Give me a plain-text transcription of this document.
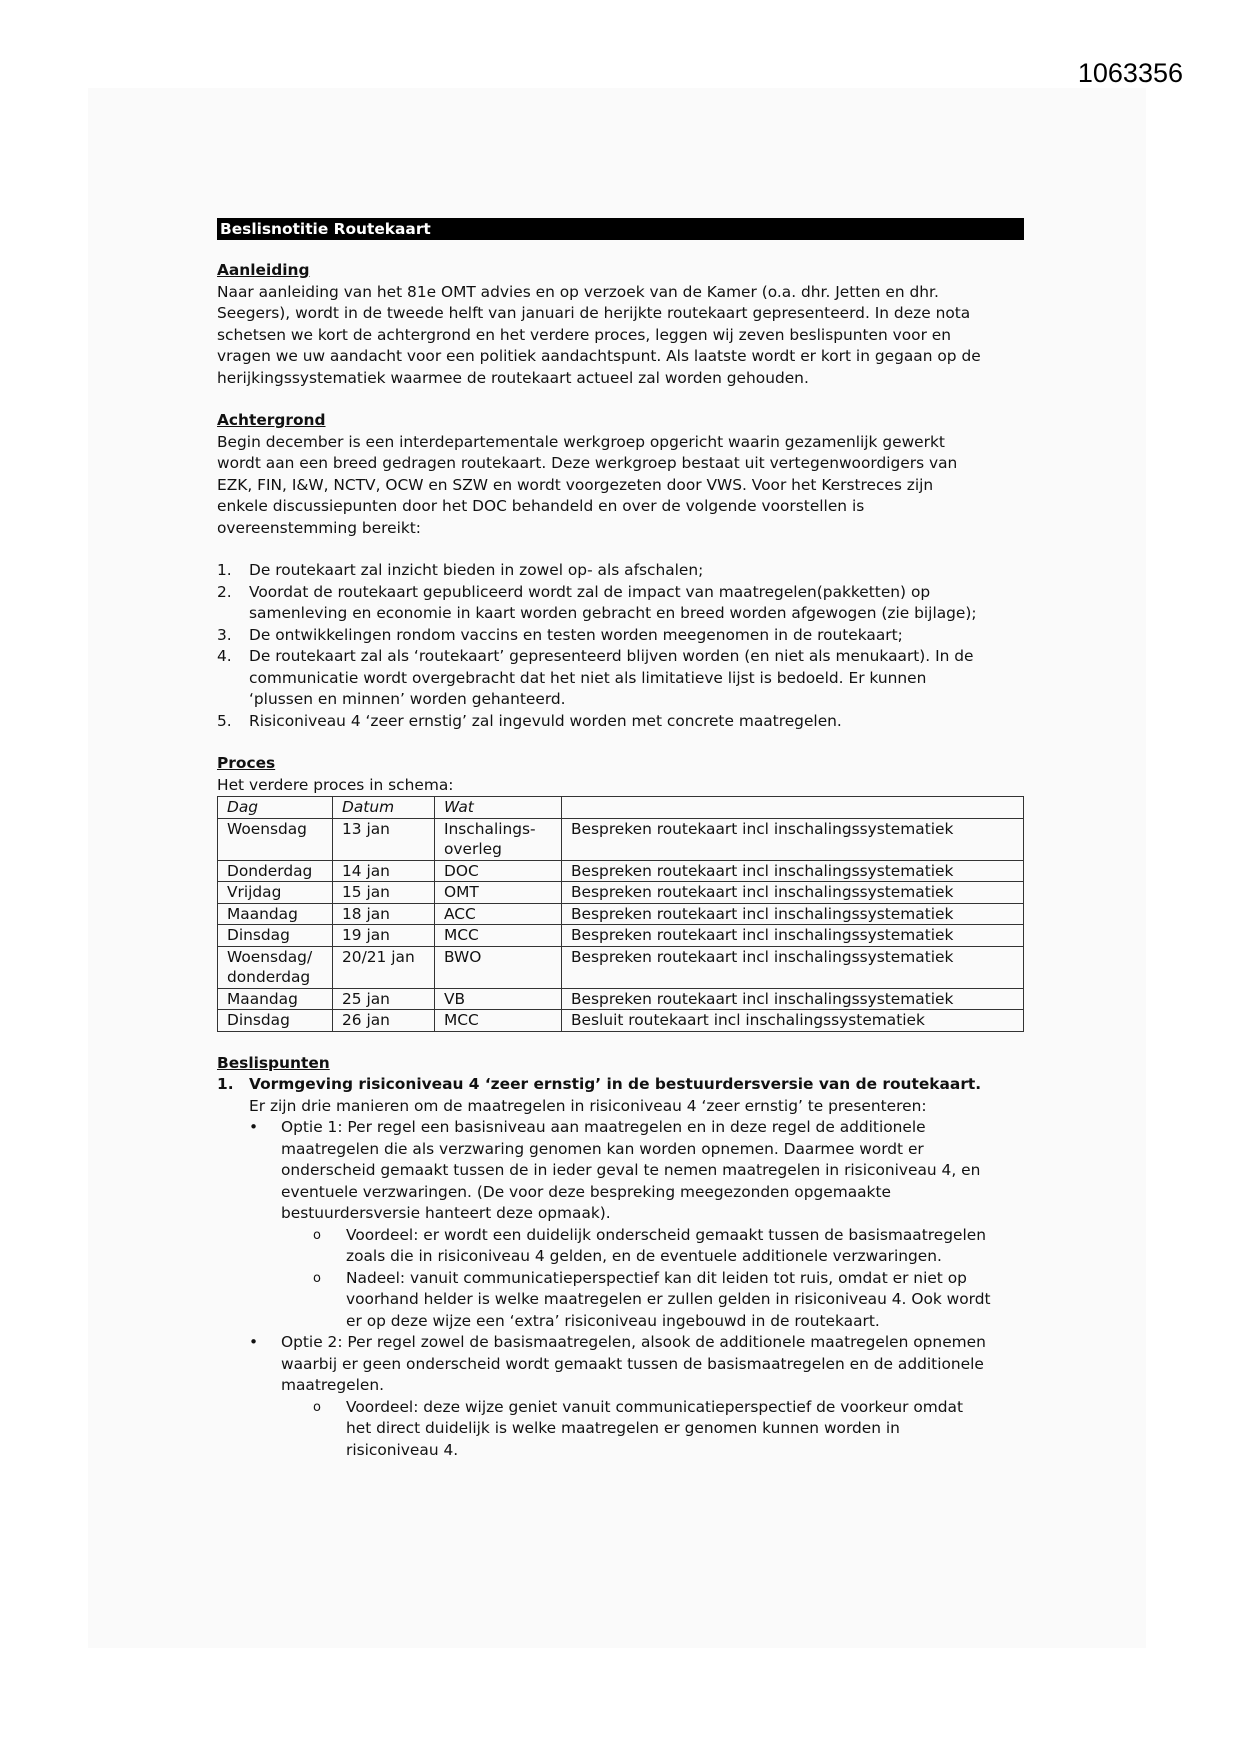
1063356
Beslisnotitie Routekaart
Aanleiding

Naar aanleiding van het 81e OMT advies en op verzoek van de Kamer (o.a. dhr. Jetten en dhr.

Seegers), wordt in de tweede helft van januari de herijkte routekaart gepresenteerd. In deze nota

schetsen we kort de achtergrond en het verdere proces, leggen wij zeven beslispunten voor en

vragen we uw aandacht voor een politiek aandachtspunt. Als laatste wordt er kort in gegaan op de

herijkingssystematiek waarmee de routekaart actueel zal worden gehouden.

Achtergrond

Begin december is een interdepartementale werkgroep opgericht waarin gezamenlijk gewerkt

wordt aan een breed gedragen routekaart. Deze werkgroep bestaat uit vertegenwoordigers van

EZK, FIN, I&W, NCTV, OCW en SZW en wordt voorgezeten door VWS. Voor het Kerstreces zijn

enkele discussiepunten door het DOC behandeld en over de volgende voorstellen is

overeenstemming bereikt:

1. De routekaart zal inzicht bieden in zowel op- als afschalen;
2. Voordat de routekaart gepubliceerd wordt zal de impact van maatregelen(pakketten) op
samenleving en economie in kaart worden gebracht en breed worden afgewogen (zie bijlage);
3. De ontwikkelingen rondom vaccins en testen worden meegenomen in de routekaart;
4. De routekaart zal als ‘routekaart’ gepresenteerd blijven worden (en niet als menukaart). In de
communicatie wordt overgebracht dat het niet als limitatieve lijst is bedoeld. Er kunnen
‘plussen en minnen’ worden gehanteerd.
5. Risiconiveau 4 ‘zeer ernstig’ zal ingevuld worden met concrete maatregelen.
Proces

Het verdere proces in schema:

Dag	Datum	Wat	

Woensdag	13 jan	Inschalings-
overleg	Bespreken routekaart incl inschalingssystematiek

Donderdag	14 jan	DOC	Bespreken routekaart incl inschalingssystematiek

Vrijdag	15 jan	OMT	Bespreken routekaart incl inschalingssystematiek

Maandag	18 jan	ACC	Bespreken routekaart incl inschalingssystematiek

Dinsdag	19 jan	MCC	Bespreken routekaart incl inschalingssystematiek

Woensdag/
donderdag	20/21 jan	BWO	Bespreken routekaart incl inschalingssystematiek

Maandag	25 jan	VB	Bespreken routekaart incl inschalingssystematiek

Dinsdag	26 jan	MCC	Besluit routekaart incl inschalingssystematiek
Beslispunten
1. Vormgeving risiconiveau 4 ‘zeer ernstig’ in de bestuurdersversie van de routekaart.
Er zijn drie manieren om de maatregelen in risiconiveau 4 ‘zeer ernstig’ te presenteren:
• Optie 1: Per regel een basisniveau aan maatregelen en in deze regel de additionele
maatregelen die als verzwaring genomen kan worden opnemen. Daarmee wordt er
onderscheid gemaakt tussen de in ieder geval te nemen maatregelen in risiconiveau 4, en
eventuele verzwaringen. (De voor deze bespreking meegezonden opgemaakte
bestuurdersversie hanteert deze opmaak).
o Voordeel: er wordt een duidelijk onderscheid gemaakt tussen de basismaatregelen
zoals die in risiconiveau 4 gelden, en de eventuele additionele verzwaringen.
o Nadeel: vanuit communicatieperspectief kan dit leiden tot ruis, omdat er niet op
voorhand helder is welke maatregelen er zullen gelden in risiconiveau 4. Ook wordt
er op deze wijze een ‘extra’ risiconiveau ingebouwd in de routekaart.
• Optie 2: Per regel zowel de basismaatregelen, alsook de additionele maatregelen opnemen
waarbij er geen onderscheid wordt gemaakt tussen de basismaatregelen en de additionele
maatregelen.
o Voordeel: deze wijze geniet vanuit communicatieperspectief de voorkeur omdat
het direct duidelijk is welke maatregelen er genomen kunnen worden in
risiconiveau 4.
